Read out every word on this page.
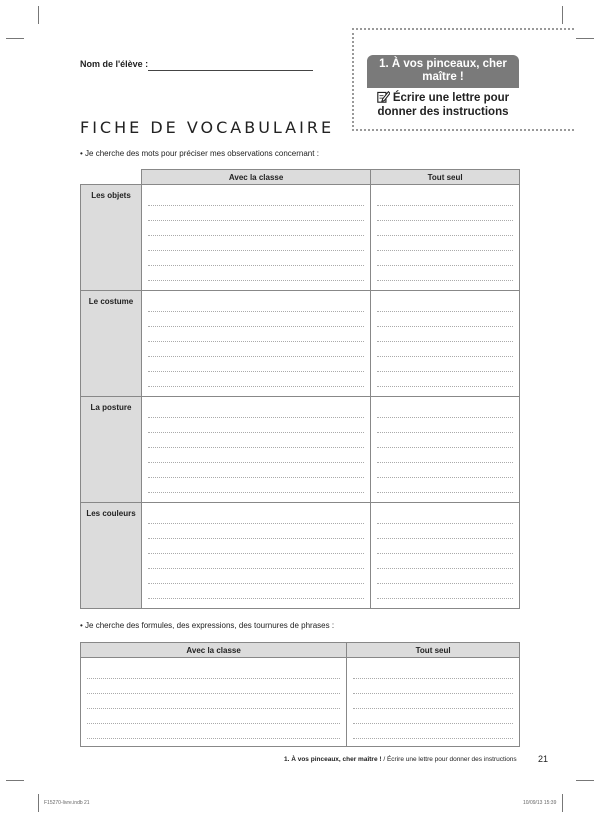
Nom de l'élève :	1. À vos pinceaux, cher maître !
Écrire une lettre pour donner des instructions
FICHE DE VOCABULAIRE
• Je cherche des mots pour préciser mes observations concernant :
	Avec la classe	Tout seul
Les objets	

Le costume	

La posture	

Les couleurs	

• Je cherche des formules, des expressions, des tournures de phrases :
Avec la classe	Tout seul

1. À vos pinceaux, cher maître ! / Écrire une lettre pour donner des instructions 21
F15270-livre.indb 21	10/09/13 15:39
